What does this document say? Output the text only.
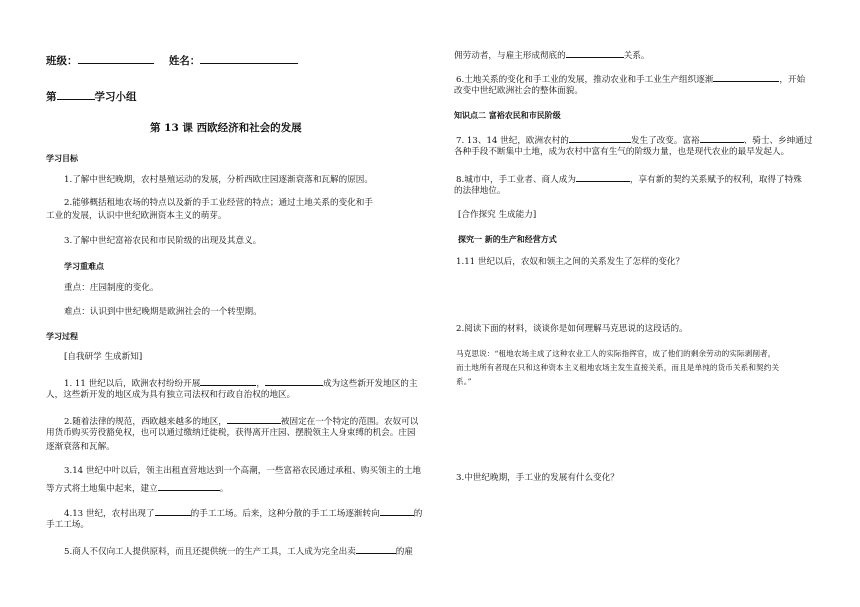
班级：	姓名：
第	学习小组
第 13 课 西欧经济和社会的发展
学习目标
1.了解中世纪晚期，农村垦殖运动的发展，分析西欧庄园逐渐衰落和瓦解的原因。
2.能够概括租地农场的特点以及新的手工业经营的特点；通过土地关系的变化和手
工业的发展，认识中世纪欧洲资本主义的萌芽。
3.了解中世纪富裕农民和市民阶级的出现及其意义。
学习重难点
重点：庄园制度的变化。
难点：认识到中世纪晚期是欧洲社会的一个转型期。
学习过程
[自我研学 生成新知]
1. 11 世纪以后，欧洲农村纷纷开展	，	成为这些新开发地区的主
人，这些新开发的地区成为具有独立司法权和行政自治权的地区。
2.随着法律的规范，西欧越来越多的地区，	被固定在一个特定的范围。农奴可以
用货币购买劳役豁免权，也可以通过缴纳迁徙税，获得离开庄园、摆脱领主人身束缚的机会。庄园
逐渐衰落和瓦解。
3.14 世纪中叶以后，领主出租直营地达到一个高潮，一些富裕农民通过承租、购买领主的土地
等方式将土地集中起来，建立	。
4.13 世纪，农村出现了	的手工工场。后来，这种分散的手工工场逐渐转向	的
手工工场。
5.商人不仅向工人提供原料，而且还提供统一的生产工具，工人成为完全出卖	的雇
佣劳动者，与雇主形成彻底的	关系。
6.土地关系的变化和手工业的发展，推动农业和手工业生产组织逐渐	，开始
改变中世纪欧洲社会的整体面貌。
知识点二 富裕农民和市民阶级
7. 13、14 世纪，欧洲农村的	发生了改变。富裕	、骑士、乡绅通过
各种手段不断集中土地，成为农村中富有生气的阶级力量，也是现代农业的最早发起人。
8.城市中，手工业者、商人成为	，享有新的契约关系赋予的权利，取得了特殊
的法律地位。
[合作探究 生成能力]
探究一 新的生产和经营方式
1.11 世纪以后，农奴和领主之间的关系发生了怎样的变化？
2.阅读下面的材料，谈谈你是如何理解马克思说的这段话的。
马克思说：“租地农场主成了这种农业工人的实际指挥官，成了他们的剩余劳动的实际剥削者，
而土地所有者现在只和这种资本主义租地农场主发生直接关系，而且是单纯的货币关系和契约关
系。”
3.中世纪晚期，手工业的发展有什么变化？
